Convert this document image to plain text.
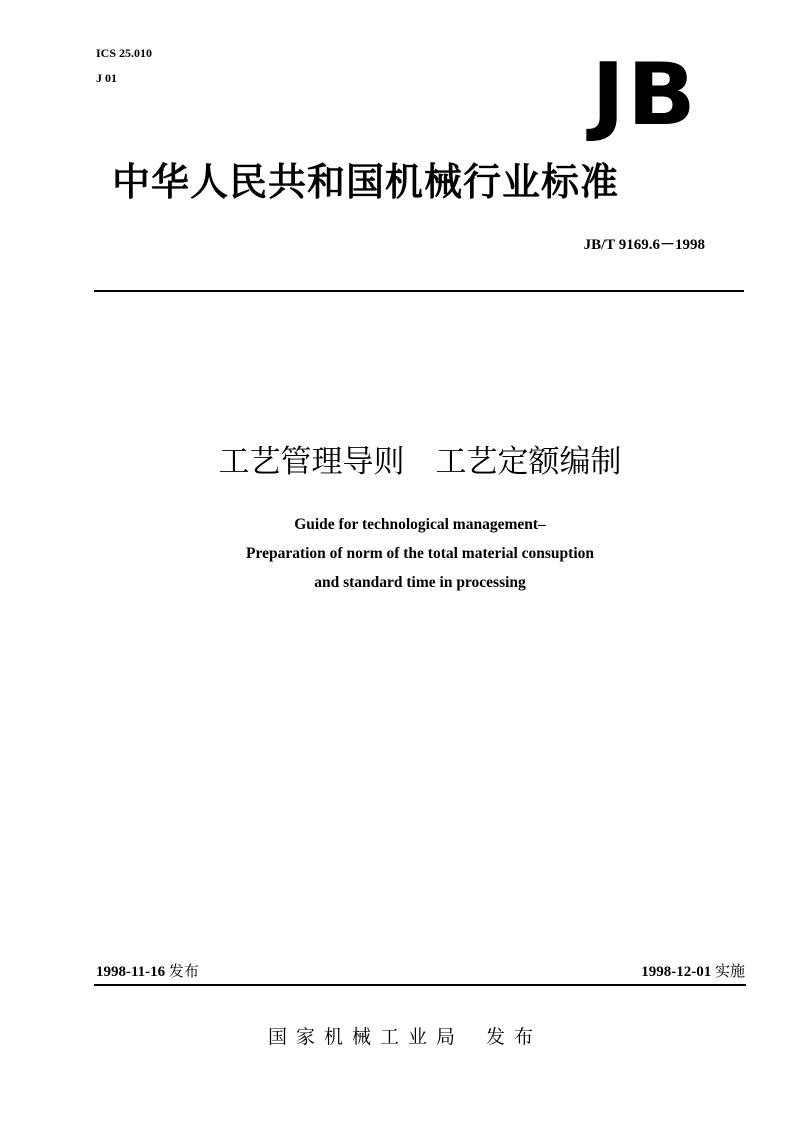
ICS 25.010
J 01	JB
中华人民共和国机械行业标准
JB/T 9169.6－1998
工艺管理导则　工艺定额编制
Guide for technological management–
Preparation of norm of the total material consuption
and standard time in processing
1998-11-16 发布	1998-12-01 实施
国家机械工业局 发布
